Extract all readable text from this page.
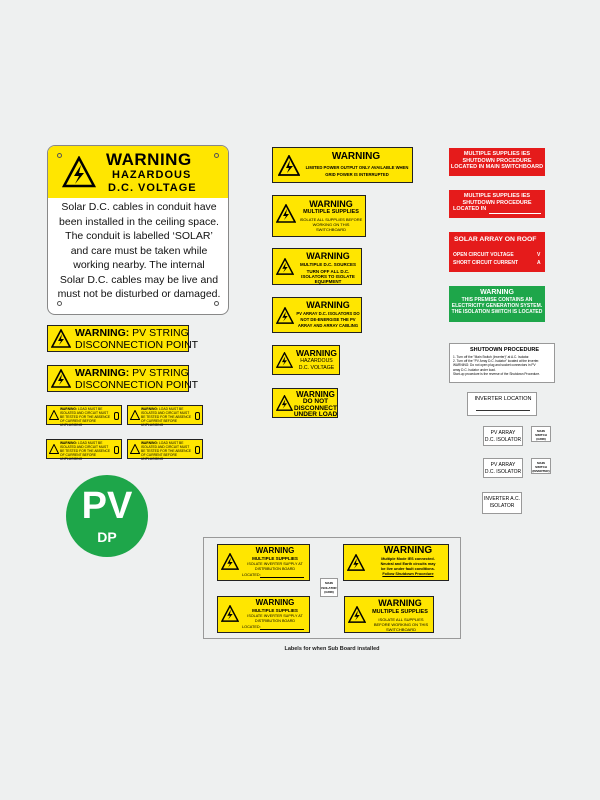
WARNING
HAZARDOUS
D.C. VOLTAGE
Solar D.C. cables in conduit have
been installed in the ceiling space.
The conduit is labelled ‘SOLAR’
and care must be taken while
working nearby. The internal
Solar D.C. cables may be live and
must not be disturbed or damaged.
WARNING: PV STRING
DISCONNECTION POINT
WARNING: PV STRING
DISCONNECTION POINT
WARNING: LOAD MUST BE ISOLATED AND CIRCUIT MUST BE TESTED FOR THE ABSENCE OF CURRENT BEFORE UNPLUGGING
WARNING: LOAD MUST BE ISOLATED AND CIRCUIT MUST BE TESTED FOR THE ABSENCE OF CURRENT BEFORE UNPLUGGING
WARNING: LOAD MUST BE ISOLATED AND CIRCUIT MUST BE TESTED FOR THE ABSENCE OF CURRENT BEFORE UNPLUGGING
WARNING: LOAD MUST BE ISOLATED AND CIRCUIT MUST BE TESTED FOR THE ABSENCE OF CURRENT BEFORE UNPLUGGING
PV
DP
WARNING
LIMITED POWER OUTPUT ONLY AVAILABLE WHEN GRID POWER IS INTERRUPTED
WARNING
MULTIPLE SUPPLIES
ISOLATE ALL SUPPLIES BEFORE WORKING ON THIS SWITCHBOARD
WARNING
MULTIPLE D.C. SOURCES
TURN OFF ALL D.C. ISOLATORS TO ISOLATE EQUIPMENT
WARNING
PV ARRAY D.C. ISOLATORS DO NOT DE-ENERGISE THE PV ARRAY AND ARRAY CABLING
WARNING
HAZARDOUS D.C. VOLTAGE
WARNING
DO NOT DISCONNECT UNDER LOAD
MULTIPLE SUPPLIES IES
SHUTDOWN PROCEDURE
LOCATED IN MAIN SWITCHBOARD
MULTIPLE SUPPLIES IES
SHUTDOWN PROCEDURE
LOCATED IN
SOLAR ARRAY ON ROOF
OPEN CIRCUIT VOLTAGE	V
SHORT CIRCUIT CURRENT	A
WARNING
THIS PREMISE CONTAINS AN
ELECTRICITY GENERATION SYSTEM.
THE ISOLATION SWITCH IS LOCATED
SHUTDOWN PROCEDURE
1. Turn off the "Main Switch (Inverter)" at A.C. Isolator.
2. Turn off the "PV Array D.C. Isolator" located at the inverter.
WARNING: Do not open plug and socket connectors in PV
array D.C. Isolator under load.
Start-up procedure is the reverse of the Shutdown Procedure.
INVERTER LOCATION
PV ARRAY
D.C. ISOLATOR
MAIN
SWITCH
(GRID)
PV ARRAY
D.C. ISOLATOR
MAIN
SWITCH
(INVERTER)
INVERTER A.C.
ISOLATOR
WARNING
MULTIPLE SUPPLIES
ISOLATE INVERTER SUPPLY AT DISTRIBUTION BOARD
LOCATED:
WARNING
Multiple Mode IES connected.
Neutral and Earth circuits may
be live under fault conditions.
Follow Shutdown Procedure
MAIN
ISOLATOR
(GRID)
WARNING
MULTIPLE SUPPLIES
ISOLATE INVERTER SUPPLY AT DISTRIBUTION BOARD
LOCATED:
WARNING
MULTIPLE SUPPLIES
ISOLATE ALL SUPPLIES BEFORE WORKING ON THIS SWITCHBOARD
Labels for when Sub Board installed
